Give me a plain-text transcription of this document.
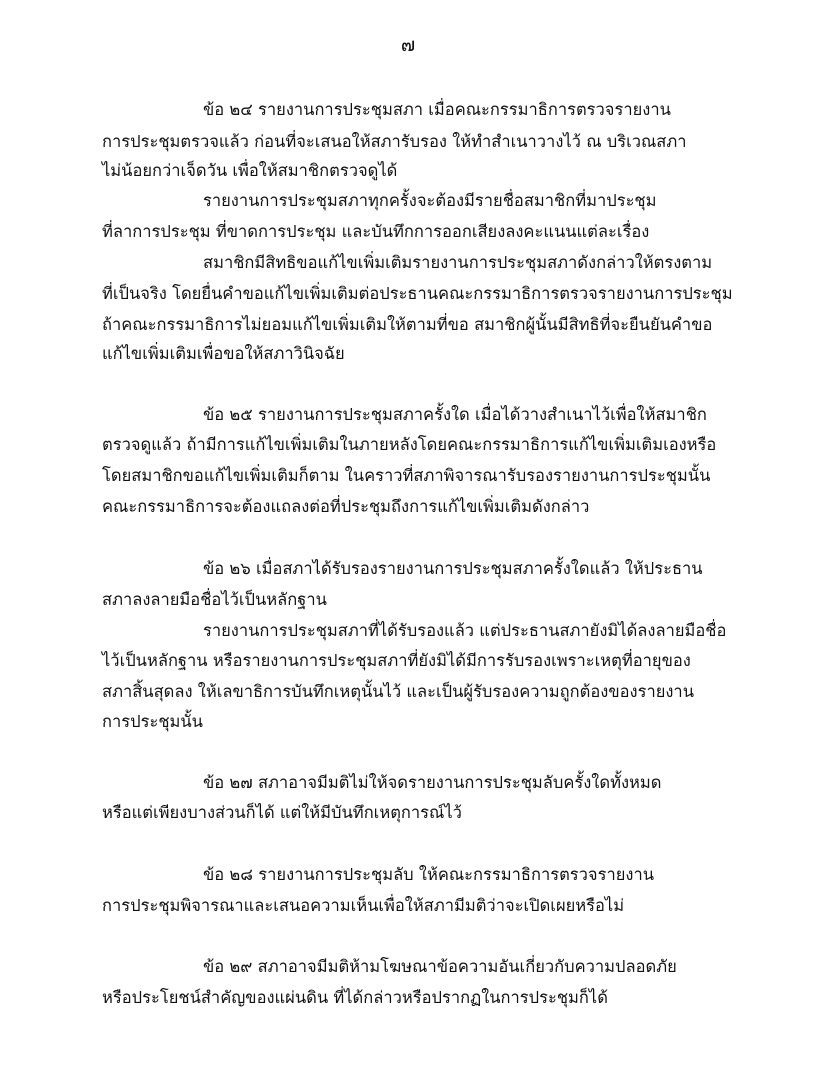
๗
ข้อ ๒๔ รายงานการประชุมสภา เมื่อคณะกรรมาธิการตรวจรายงาน
การประชุมตรวจแล้ว ก่อนที่จะเสนอให้สภารับรอง ให้ทำสำเนาวางไว้ ณ บริเวณสภา
ไม่น้อยกว่าเจ็ดวัน เพื่อให้สมาชิกตรวจดูได้
รายงานการประชุมสภาทุกครั้งจะต้องมีรายชื่อสมาชิกที่มาประชุม
ที่ลาการประชุม ที่ขาดการประชุม และบันทึกการออกเสียงลงคะแนนแต่ละเรื่อง
สมาชิกมีสิทธิขอแก้ไขเพิ่มเติมรายงานการประชุมสภาดังกล่าวให้ตรงตาม
ที่เป็นจริง โดยยื่นคำขอแก้ไขเพิ่มเติมต่อประธานคณะกรรมาธิการตรวจรายงานการประชุม
ถ้าคณะกรรมาธิการไม่ยอมแก้ไขเพิ่มเติมให้ตามที่ขอ สมาชิกผู้นั้นมีสิทธิที่จะยืนยันคำขอ
แก้ไขเพิ่มเติมเพื่อขอให้สภาวินิจฉัย
ข้อ ๒๕ รายงานการประชุมสภาครั้งใด เมื่อได้วางสำเนาไว้เพื่อให้สมาชิก
ตรวจดูแล้ว ถ้ามีการแก้ไขเพิ่มเติมในภายหลังโดยคณะกรรมาธิการแก้ไขเพิ่มเติมเองหรือ
โดยสมาชิกขอแก้ไขเพิ่มเติมก็ตาม ในคราวที่สภาพิจารณารับรองรายงานการประชุมนั้น
คณะกรรมาธิการจะต้องแถลงต่อที่ประชุมถึงการแก้ไขเพิ่มเติมดังกล่าว
ข้อ ๒๖ เมื่อสภาได้รับรองรายงานการประชุมสภาครั้งใดแล้ว ให้ประธาน
สภาลงลายมือชื่อไว้เป็นหลักฐาน
รายงานการประชุมสภาที่ได้รับรองแล้ว แต่ประธานสภายังมิได้ลงลายมือชื่อ
ไว้เป็นหลักฐาน หรือรายงานการประชุมสภาที่ยังมิได้มีการรับรองเพราะเหตุที่อายุของ
สภาสิ้นสุดลง ให้เลขาธิการบันทึกเหตุนั้นไว้ และเป็นผู้รับรองความถูกต้องของรายงาน
การประชุมนั้น
ข้อ ๒๗ สภาอาจมีมติไม่ให้จดรายงานการประชุมลับครั้งใดทั้งหมด
หรือแต่เพียงบางส่วนก็ได้ แต่ให้มีบันทึกเหตุการณ์ไว้
ข้อ ๒๘ รายงานการประชุมลับ ให้คณะกรรมาธิการตรวจรายงาน
การประชุมพิจารณาและเสนอความเห็นเพื่อให้สภามีมติว่าจะเปิดเผยหรือไม่
ข้อ ๒๙ สภาอาจมีมติห้ามโฆษณาข้อความอันเกี่ยวกับความปลอดภัย
หรือประโยชน์สำคัญของแผ่นดิน ที่ได้กล่าวหรือปรากฏในการประชุมก็ได้
